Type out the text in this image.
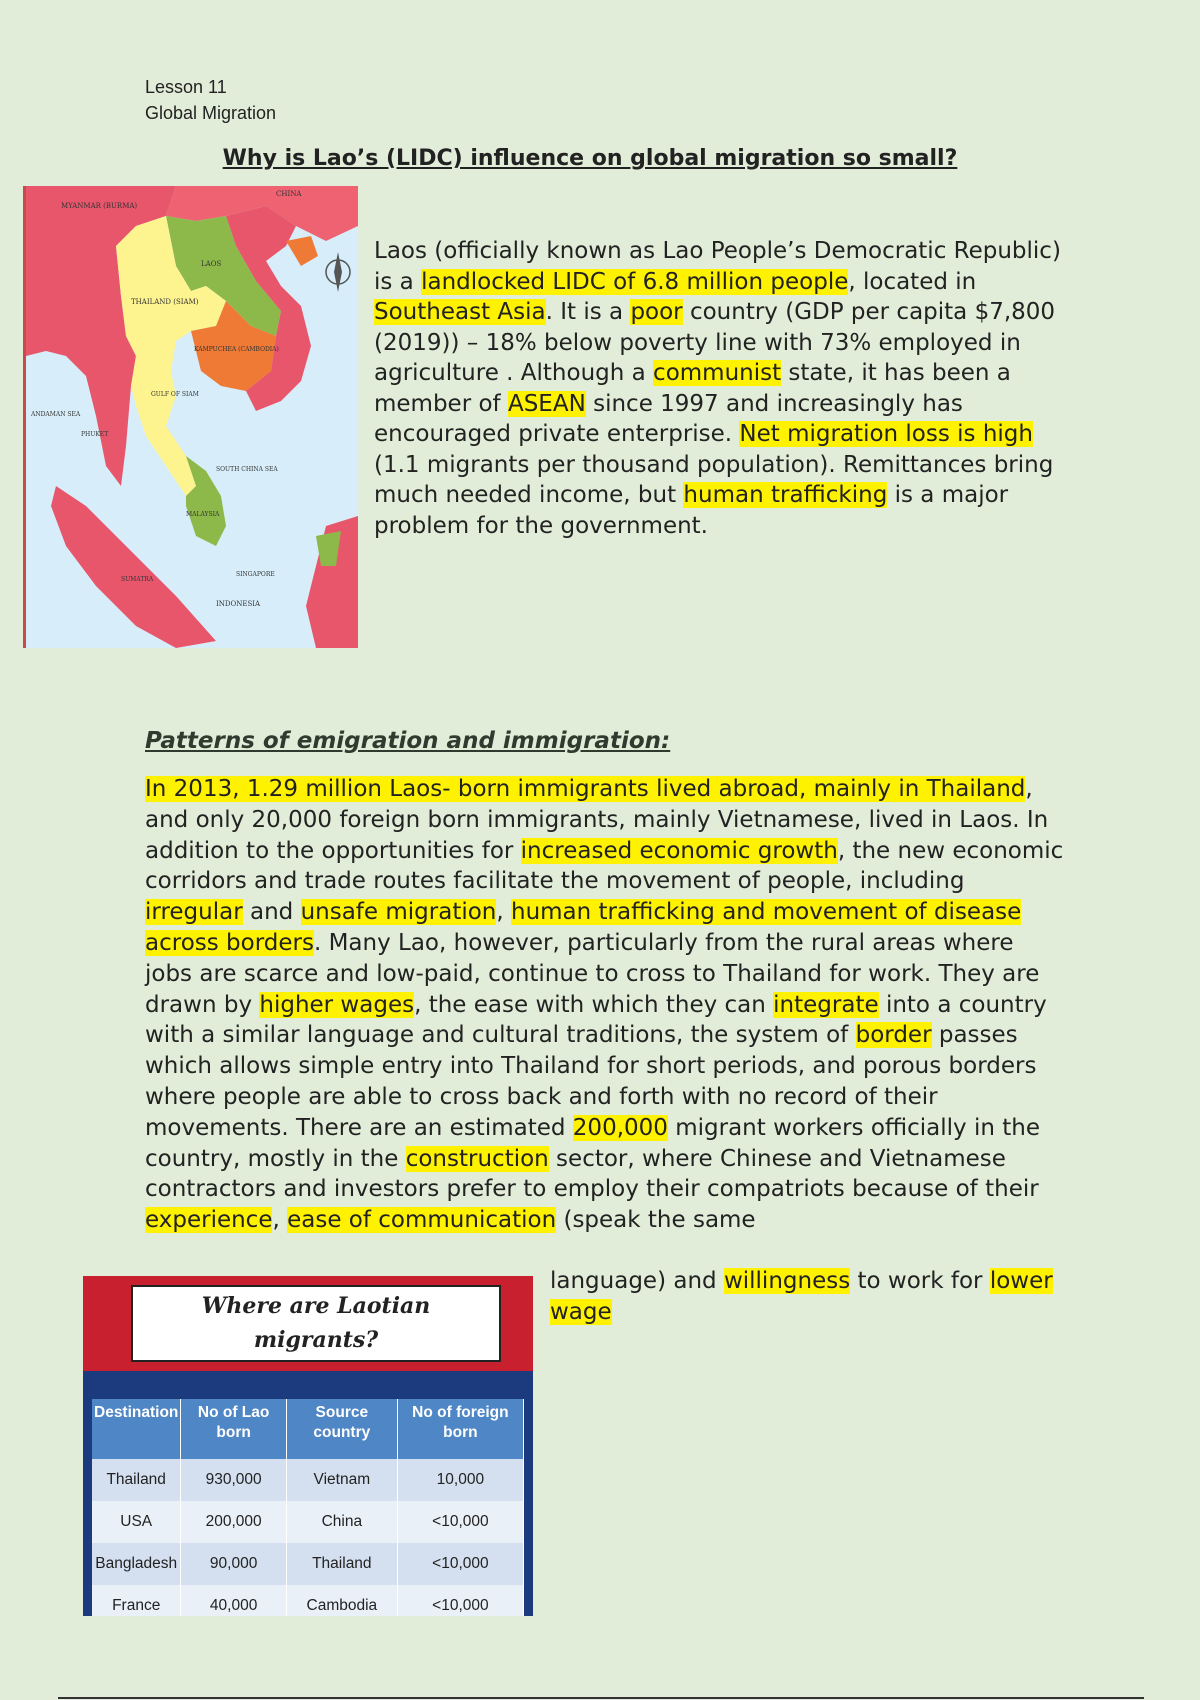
Lesson 11
Global Migration
Why is Lao’s (LIDC) influence on global migration so small?
MYANMAR (BURMA)
CHINA
THAILAND (SIAM)
LAOS
KAMPUCHEA (CAMBODIA)
INDONESIA
SINGAPORE
PHUKET
MALAYSIA
SUMATRA
SOUTH CHINA SEA
ANDAMAN SEA
GULF OF SIAM
Laos (officially known as Lao People’s Democratic Republic) is a landlocked LIDC of 6.8 million people, located in Southeast Asia. It is a poor country (GDP per capita $7,800 (2019)) – 18% below poverty line with 73% employed in agriculture . Although a communist state, it has been a member of ASEAN since 1997 and increasingly has encouraged private enterprise. Net migration loss is high (1.1 migrants per thousand population). Remittances bring much needed income, but human trafficking is a major problem for the government.
Patterns of emigration and immigration:
In 2013, 1.29 million Laos- born immigrants lived abroad, mainly in Thailand, and only 20,000 foreign born immigrants, mainly Vietnamese, lived in Laos. In addition to the opportunities for increased economic growth, the new economic corridors and trade routes facilitate the movement of people, including irregular and unsafe migration, human trafficking and movement of disease across borders. Many Lao, however, particularly from the rural areas where jobs are scarce and low-paid, continue to cross to Thailand for work. They are drawn by higher wages, the ease with which they can integrate into a country with a similar language and cultural traditions, the system of border passes which allows simple entry into Thailand for short periods, and porous borders where people are able to cross back and forth with no record of their movements. There are an estimated 200,000 migrant workers officially in the country, mostly in the construction sector, where Chinese and Vietnamese contractors and investors prefer to employ their compatriots because of their experience, ease of communication (speak the same
language) and willingness to work for lower wage
Where are Laotian migrants?
Destination	No of Lao born	Source country	No of foreign born
Thailand	930,000	Vietnam	10,000
USA	200,000	China	<10,000
Bangladesh	90,000	Thailand	<10,000
France	40,000	Cambodia	<10,000
